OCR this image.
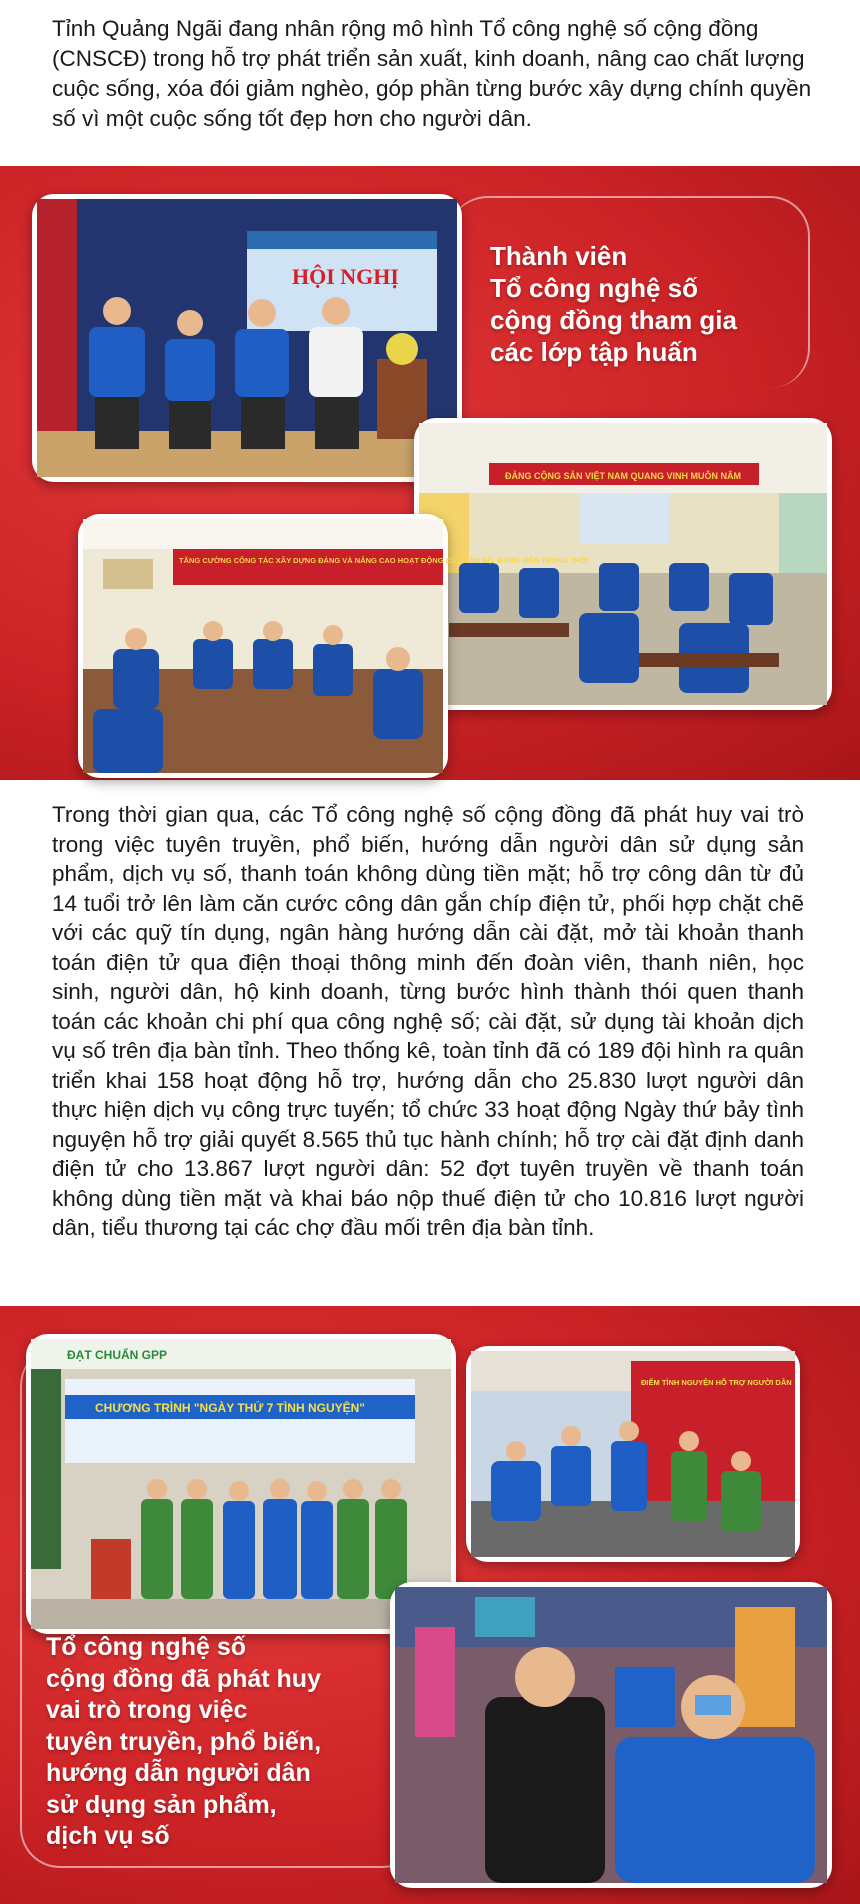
Tỉnh Quảng Ngãi đang nhân rộng mô hình Tổ công nghệ số cộng đồng (CNSCĐ) trong hỗ trợ phát triển sản xuất, kinh doanh, nâng cao chất lượng cuộc sống, xóa đói giảm nghèo, góp phần từng bước xây dựng chính quyền số vì một cuộc sống tốt đẹp hơn cho người dân.
HỘI NGHỊ
Thành viên
Tổ công nghệ số
cộng đồng tham gia
các lớp tập huấn
ĐẢNG CỘNG SẢN VIỆT NAM QUANG VINH MUÔN NĂM
TĂNG CƯỜNG CÔNG TÁC XÂY DỰNG ĐẢNG VÀ NÂNG CAO HOẠT ĐỘNG CỦA CÁN BỘ, ĐẢNG VIÊN TRONG THỜI
Trong thời gian qua, các Tổ công nghệ số cộng đồng đã phát huy vai trò trong việc tuyên truyền, phổ biến, hướng dẫn người dân sử dụng sản phẩm, dịch vụ số, thanh toán không dùng tiền mặt; hỗ trợ công dân từ đủ 14 tuổi trở lên làm căn cước công dân gắn chíp điện tử, phối hợp chặt chẽ với các quỹ tín dụng, ngân hàng hướng dẫn cài đặt, mở tài khoản thanh toán điện tử qua điện thoại thông minh đến đoàn viên, thanh niên, học sinh, người dân, hộ kinh doanh, từng bước hình thành thói quen thanh toán các khoản chi phí qua công nghệ số; cài đặt, sử dụng tài khoản dịch vụ số trên địa bàn tỉnh. Theo thống kê, toàn tỉnh đã có 189 đội hình ra quân triển khai 158 hoạt động hỗ trợ, hướng dẫn cho 25.830 lượt người dân thực hiện dịch vụ công trực tuyến; tổ chức 33 hoạt động Ngày thứ bảy tình nguyện hỗ trợ giải quyết 8.565 thủ tục hành chính; hỗ trợ cài đặt định danh điện tử cho 13.867 lượt người dân: 52 đợt tuyên truyền về thanh toán không dùng tiền mặt và khai báo nộp thuế điện tử cho 10.816 lượt người dân, tiểu thương tại các chợ đầu mối trên địa bàn tỉnh.
ĐẠT CHUẨN GPP
CHƯƠNG TRÌNH "NGÀY THỨ 7 TÌNH NGUYỆN"
ĐIỂM TÌNH NGUYỆN HỖ TRỢ NGƯỜI DÂN
Tổ công nghệ số
cộng đồng đã phát huy
vai trò trong việc
tuyên truyền, phổ biến,
hướng dẫn người dân
sử dụng sản phẩm,
dịch vụ số
